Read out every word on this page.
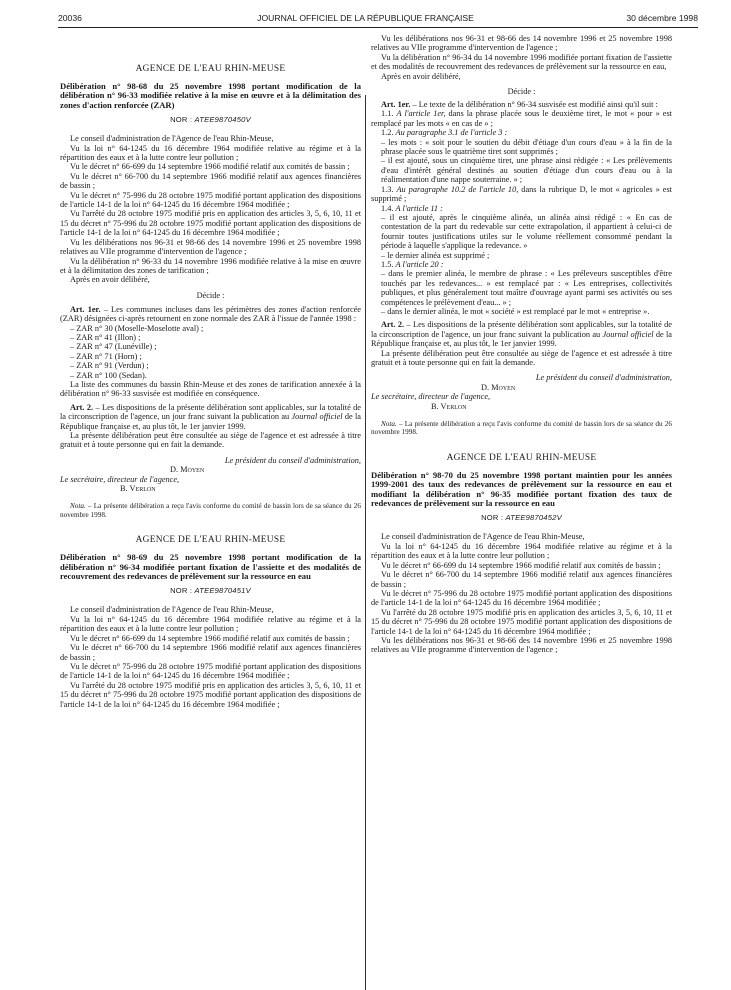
20036	JOURNAL OFFICIEL DE LA RÉPUBLIQUE FRANÇAISE	30 décembre 1998

AGENCE DE L'EAU RHIN-MEUSE

Délibération n° 98-68 du 25 novembre 1998 portant modification de la délibération n° 96-33 modifiée relative à la mise en œuvre et à la délimitation des zones d'action renforcée (ZAR)

NOR : ATEE9870450V

Le conseil d'administration de l'Agence de l'eau Rhin-Meuse,

Vu la loi n° 64-1245 du 16 décembre 1964 modifiée relative au régime et à la répartition des eaux et à la lutte contre leur pollution ;

Vu le décret n° 66-699 du 14 septembre 1966 modifié relatif aux comités de bassin ;

Vu le décret n° 66-700 du 14 septembre 1966 modifié relatif aux agences financières de bassin ;

Vu le décret n° 75-996 du 28 octobre 1975 modifié portant application des dispositions de l'article 14-1 de la loi n° 64-1245 du 16 décembre 1964 modifiée ;

Vu l'arrêté du 28 octobre 1975 modifié pris en application des articles 3, 5, 6, 10, 11 et 15 du décret n° 75-996 du 28 octobre 1975 modifié portant application des dispositions de l'article 14-1 de la loi n° 64-1245 du 16 décembre 1964 modifiée ;

Vu les délibérations nos 96-31 et 98-66 des 14 novembre 1996 et 25 novembre 1998 relatives au VIIe programme d'intervention de l'agence ;

Vu la délibération n° 96-33 du 14 novembre 1996 modifiée relative à la mise en œuvre et à la délimitation des zones de tarification ;

Après en avoir délibéré,

Décide :

Art. 1er. – Les communes incluses dans les périmètres des zones d'action renforcée (ZAR) désignées ci-après retournent en zone normale des ZAR à l'issue de l'année 1998 :

– ZAR n° 30 (Moselle-Moselotte aval) ;

– ZAR n° 41 (Illon) ;

– ZAR n° 47 (Lunéville) ;

– ZAR n° 71 (Horn) ;

– ZAR n° 91 (Verdun) ;

– ZAR n° 100 (Sedan).

La liste des communes du bassin Rhin-Meuse et des zones de tarification annexée à la délibération n° 96-33 susvisée est modifiée en conséquence.

Art. 2. – Les dispositions de la présente délibération sont applicables, sur la totalité de la circonscription de l'agence, un jour franc suivant la publication au Journal officiel de la République française et, au plus tôt, le 1er janvier 1999.

La présente délibération peut être consultée au siège de l'agence et est adressée à titre gratuit et à toute personne qui en fait la demande.

Le président du conseil d'administration,

D. Moyen

Le secrétaire, directeur de l'agence,

B. Verlon

Nota. – La présente délibération a reçu l'avis conforme du comité de bassin lors de sa séance du 26 novembre 1998.

AGENCE DE L'EAU RHIN-MEUSE

Délibération n° 98-69 du 25 novembre 1998 portant modification de la délibération n° 96-34 modifiée portant fixation de l'assiette et des modalités de recouvrement des redevances de prélèvement sur la ressource en eau

NOR : ATEE9870451V

Le conseil d'administration de l'Agence de l'eau Rhin-Meuse,

Vu la loi n° 64-1245 du 16 décembre 1964 modifiée relative au régime et à la répartition des eaux et à la lutte contre leur pollution ;

Vu le décret n° 66-699 du 14 septembre 1966 modifié relatif aux comités de bassin ;

Vu le décret n° 66-700 du 14 septembre 1966 modifié relatif aux agences financières de bassin ;

Vu le décret n° 75-996 du 28 octobre 1975 modifié portant application des dispositions de l'article 14-1 de la loi n° 64-1245 du 16 décembre 1964 modifiée ;

Vu l'arrêté du 28 octobre 1975 modifié pris en application des articles 3, 5, 6, 10, 11 et 15 du décret n° 75-996 du 28 octobre 1975 modifié portant application des dispositions de l'article 14-1 de la loi n° 64-1245 du 16 décembre 1964 modifiée ;

Vu les délibérations nos 96-31 et 98-66 des 14 novembre 1996 et 25 novembre 1998 relatives au VIIe programme d'intervention de l'agence ;

Vu la délibération n° 96-34 du 14 novembre 1996 modifiée portant fixation de l'assiette et des modalités de recouvrement des redevances de prélèvement sur la ressource en eau,

Après en avoir délibéré,

Décide :

Art. 1er. – Le texte de la délibération n° 96-34 susvisée est modifié ainsi qu'il suit :

1.1. A l'article 1er, dans la phrase placée sous le deuxième tiret, le mot « pour » est remplacé par les mots « en cas de » ;

1.2. Au paragraphe 3.1 de l'article 3 :

– les mots : « soit pour le soutien du débit d'étiage d'un cours d'eau » à la fin de la phrase placée sous le quatrième tiret sont supprimés ;

– il est ajouté, sous un cinquième tiret, une phrase ainsi rédigée : « Les prélèvements d'eau d'intérêt général destinés au soutien d'étiage d'un cours d'eau ou à la réalimentation d'une nappe souterraine. » ;

1.3. Au paragraphe 10.2 de l'article 10, dans la rubrique D, le mot « agricoles » est supprimé ;

1.4. A l'article 11 :

– il est ajouté, après le cinquième alinéa, un alinéa ainsi rédigé : « En cas de contestation de la part du redevable sur cette extrapolation, il appartient à celui-ci de fournir toutes justifications utiles sur le volume réellement consommé pendant la période à laquelle s'applique la redevance. »

– le dernier alinéa est supprimé ;

1.5. A l'article 20 :

– dans le premier alinéa, le membre de phrase : « Les préleveurs susceptibles d'être touchés par les redevances... » est remplacé par : « Les entreprises, collectivités publiques, et plus généralement tout maître d'ouvrage ayant parmi ses activités ou ses compétences le prélèvement d'eau... » ;

– dans le dernier alinéa, le mot « société » est remplacé par le mot « entreprise ».

Art. 2. – Les dispositions de la présente délibération sont applicables, sur la totalité de la circonscription de l'agence, un jour franc suivant la publication au Journal officiel de la République française et, au plus tôt, le 1er janvier 1999.

La présente délibération peut être consultée au siège de l'agence et est adressée à titre gratuit et à toute personne qui en fait la demande.

Le président du conseil d'administration,

D. Moyen

Le secrétaire, directeur de l'agence,

B. Verlon

Nota. – La présente délibération a reçu l'avis conforme du comité de bassin lors de sa séance du 26 novembre 1998.

AGENCE DE L'EAU RHIN-MEUSE

Délibération n° 98-70 du 25 novembre 1998 portant maintien pour les années 1999-2001 des taux des redevances de prélèvement sur la ressource en eau et modifiant la délibération n° 96-35 modifiée portant fixation des taux de redevances de prélèvement sur la ressource en eau

NOR : ATEE9870452V

Le conseil d'administration de l'Agence de l'eau Rhin-Meuse,

Vu la loi n° 64-1245 du 16 décembre 1964 modifiée relative au régime et à la répartition des eaux et à la lutte contre leur pollution ;

Vu le décret n° 66-699 du 14 septembre 1966 modifié relatif aux comités de bassin ;

Vu le décret n° 66-700 du 14 septembre 1966 modifié relatif aux agences financières de bassin ;

Vu le décret n° 75-996 du 28 octobre 1975 modifié portant application des dispositions de l'article 14-1 de la loi n° 64-1245 du 16 décembre 1964 modifiée ;

Vu l'arrêté du 28 octobre 1975 modifié pris en application des articles 3, 5, 6, 10, 11 et 15 du décret n° 75-996 du 28 octobre 1975 modifié portant application des dispositions de l'article 14-1 de la loi n° 64-1245 du 16 décembre 1964 modifiée ;

Vu les délibérations nos 96-31 et 98-66 des 14 novembre 1996 et 25 novembre 1998 relatives au VIIe programme d'intervention de l'agence ;
